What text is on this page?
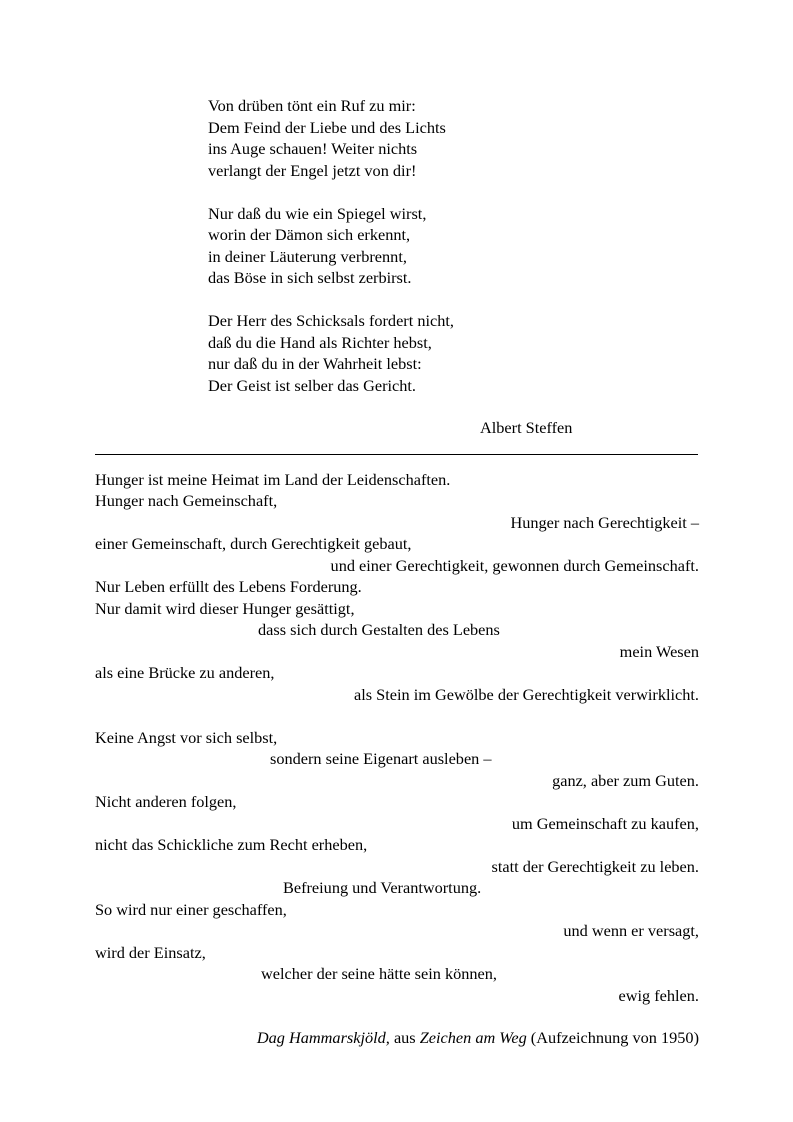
Von drüben tönt ein Ruf zu mir:
Dem Feind der Liebe und des Lichts
ins Auge schauen! Weiter nichts
verlangt der Engel jetzt von dir!
Nur daß du wie ein Spiegel wirst,
worin der Dämon sich erkennt,
in deiner Läuterung verbrennt,
das Böse in sich selbst zerbirst.
Der Herr des Schicksals fordert nicht,
daß du die Hand als Richter hebst,
nur daß du in der Wahrheit lebst:
Der Geist ist selber das Gericht.
Albert Steffen
Hunger ist meine Heimat im Land der Leidenschaften.
Hunger nach Gemeinschaft,
Hunger nach Gerechtigkeit –
einer Gemeinschaft, durch Gerechtigkeit gebaut,
und einer Gerechtigkeit, gewonnen durch Gemeinschaft.
Nur Leben erfüllt des Lebens Forderung.
Nur damit wird dieser Hunger gesättigt,
dass sich durch Gestalten des Lebens
mein Wesen
als eine Brücke zu anderen,
als Stein im Gewölbe der Gerechtigkeit verwirklicht.
Keine Angst vor sich selbst,
sondern seine Eigenart ausleben –
ganz, aber zum Guten.
Nicht anderen folgen,
um Gemeinschaft zu kaufen,
nicht das Schickliche zum Recht erheben,
statt der Gerechtigkeit zu leben.
Befreiung und Verantwortung.
So wird nur einer geschaffen,
und wenn er versagt,
wird der Einsatz,
welcher der seine hätte sein können,
ewig fehlen.
Dag Hammarskjöld, aus Zeichen am Weg (Aufzeichnung von 1950)
